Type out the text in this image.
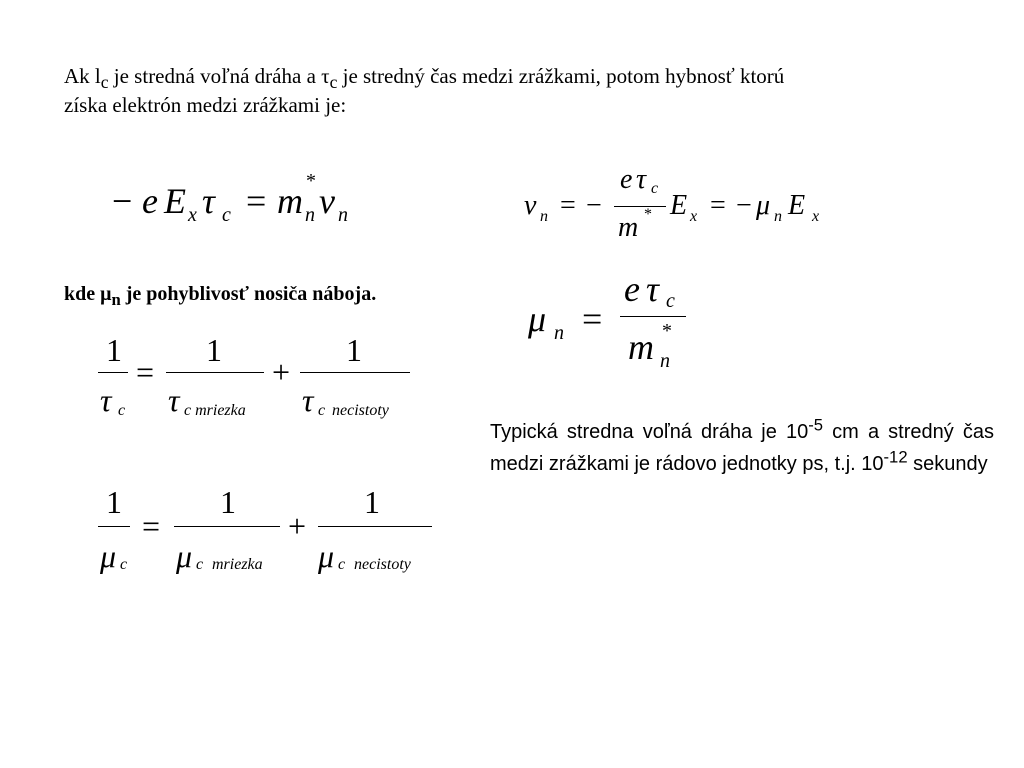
Ak $l_c$ je stredná voľná dráha a $\tau_c$ je stredný čas medzi zrážkami, potom hybnosť ktorú
získa elektrón medzi zrážkami je:
− e E x τ c = m *
n v n	v n = −
e τ c
m * E x = − μ n E x
kde $\mu_n$ je pohyblivosť nosiča náboja.
μ n =
e τ c
m *
n
1
τ c
=
1
τ c mriezka
+
1
τ c necistoty
1
μ c
=
1
μ c mriezka
+
1
μ c necistoty
Typická stredna voľná dráha je $10^{-5}$ cm a stredný čas medzi zrážkami je rádovo jednotky ps, t.j. $10^{-12}$ sekundy
